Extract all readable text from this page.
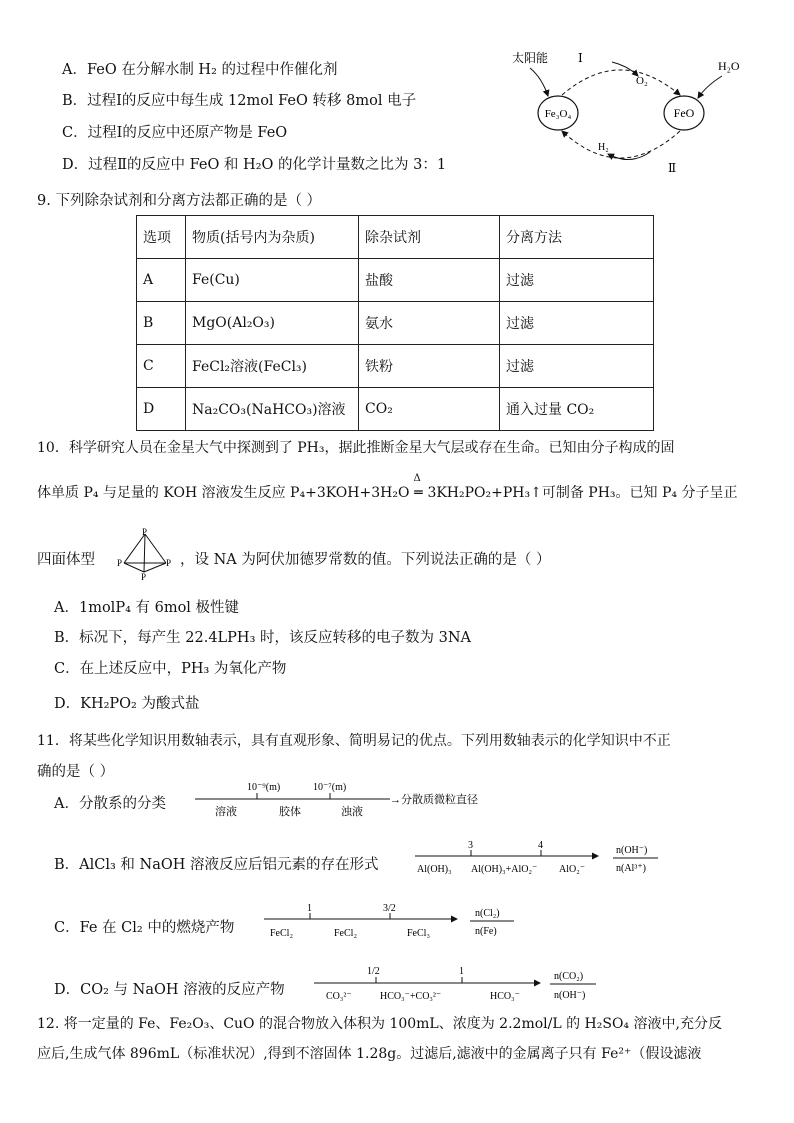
A．FeO 在分解水制 H₂ 的过程中作催化剂
B．过程Ⅰ的反应中每生成 12mol FeO 转移 8mol 电子
C．过程Ⅰ的反应中还原产物是 FeO
D．过程Ⅱ的反应中 FeO 和 H₂O 的化学计量数之比为 3：1
太阳能 Ⅰ
O₂
H₂O
H₂
Ⅱ
Fe₃O₄	FeO
9. 下列除杂试剂和分离方法都正确的是（ ）
选项	物质(括号内为杂质)	除杂试剂	分离方法
A	Fe(Cu)	盐酸	过滤
B	MgO(Al₂O₃)	氨水	过滤
C	FeCl₂溶液(FeCl₃)	铁粉	过滤
D	Na₂CO₃(NaHCO₃)溶液	CO₂	通入过量 CO₂
10．科学研究人员在金星大气中探测到了 PH₃，据此推断金星大气层或存在生命。已知由分子构成的固
体单质 P₄ 与足量的 KOH 溶液发生反应 P₄+3KOH+3H₂O
Δ
═ 3KH₂PO₂+PH₃↑可制备 PH₃。已知 P₄ 分子呈正
四面体型
P
P	P
P
，设 NA 为阿伏加德罗常数的值。下列说法正确的是（ ）
A．1molP₄ 有 6mol 极性键
B．标况下，每产生 22.4LPH₃ 时，该反应转移的电子数为 3NA
C．在上述反应中，PH₃ 为氧化产物
D．KH₂PO₂ 为酸式盐
11．将某些化学知识用数轴表示，具有直观形象、简明易记的优点。下列用数轴表示的化学知识中不正
确的是（ ）
A．分散系的分类
10⁻⁹(m)	10⁻⁷(m)
溶液	胶体	浊液
→分散质微粒直径
B．AlCl₃ 和 NaOH 溶液反应后铝元素的存在形式
3	4
Al(OH)₃ Al(OH)₃+AlO₂⁻ AlO₂⁻
n(OH⁻)
n(Al³⁺)
C．Fe 在 Cl₂ 中的燃烧产物
1	3/2
FeCl₂	FeCl₂	FeCl₃
n(Cl₂)
n(Fe)
D．CO₂ 与 NaOH 溶液的反应产物
1/2	1
CO₃²⁻	HCO₃⁻+CO₃²⁻	HCO₃⁻
n(CO₂)
n(OH⁻)
12. 将一定量的 Fe、Fe₂O₃、CuO 的混合物放入体积为 100mL、浓度为 2.2mol/L 的 H₂SO₄ 溶液中,充分反
应后,生成气体 896mL（标准状况）,得到不溶固体 1.28g。过滤后,滤液中的金属离子只有 Fe²⁺（假设滤液
